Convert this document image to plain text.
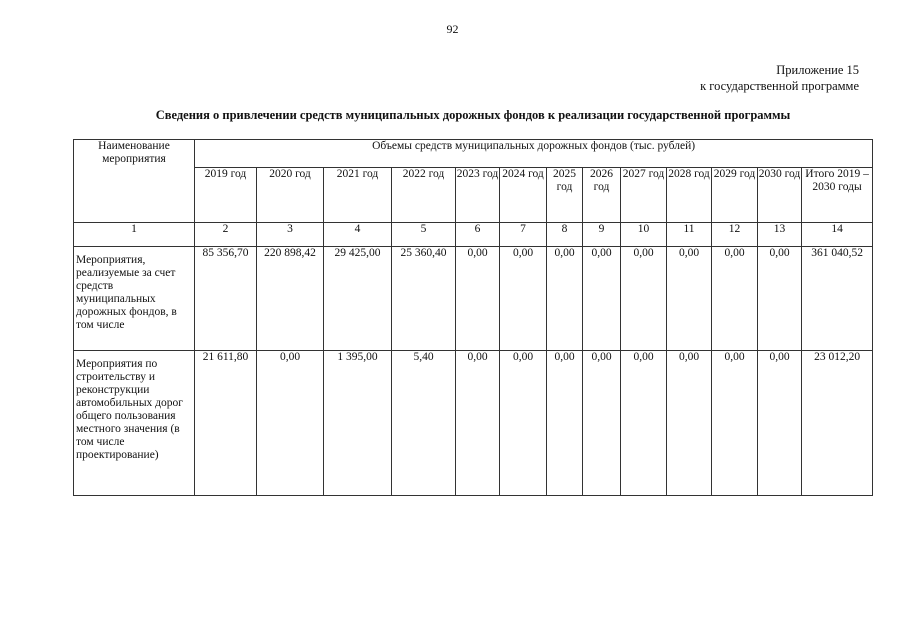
92
Приложение 15
к государственной программе
Сведения о привлечении средств муниципальных дорожных фондов к реализации государственной программы
Наименование мероприятия	Объемы средств муниципальных дорожных фондов (тыс. рублей)												
	2019 год	2020 год	2021 год	2022 год	2023 год	2024 год	2025 год	2026 год	2027 год	2028 год	2029 год	2030 год	Итого 2019 – 2030 годы
1	2	3	4	5	6	7	8	9	10	11	12	13	14
Мероприятия, реализуемые за счет средств муниципальных дорожных фондов, в том числе	85 356,70	220 898,42	29 425,00	25 360,40	0,00	0,00	0,00	0,00	0,00	0,00	0,00	0,00	361 040,52
Мероприятия по строительству и реконструкции автомобильных дорог общего пользования местного значения (в том числе проектирование)	21 611,80	0,00	1 395,00	5,40	0,00	0,00	0,00	0,00	0,00	0,00	0,00	0,00	23 012,20
